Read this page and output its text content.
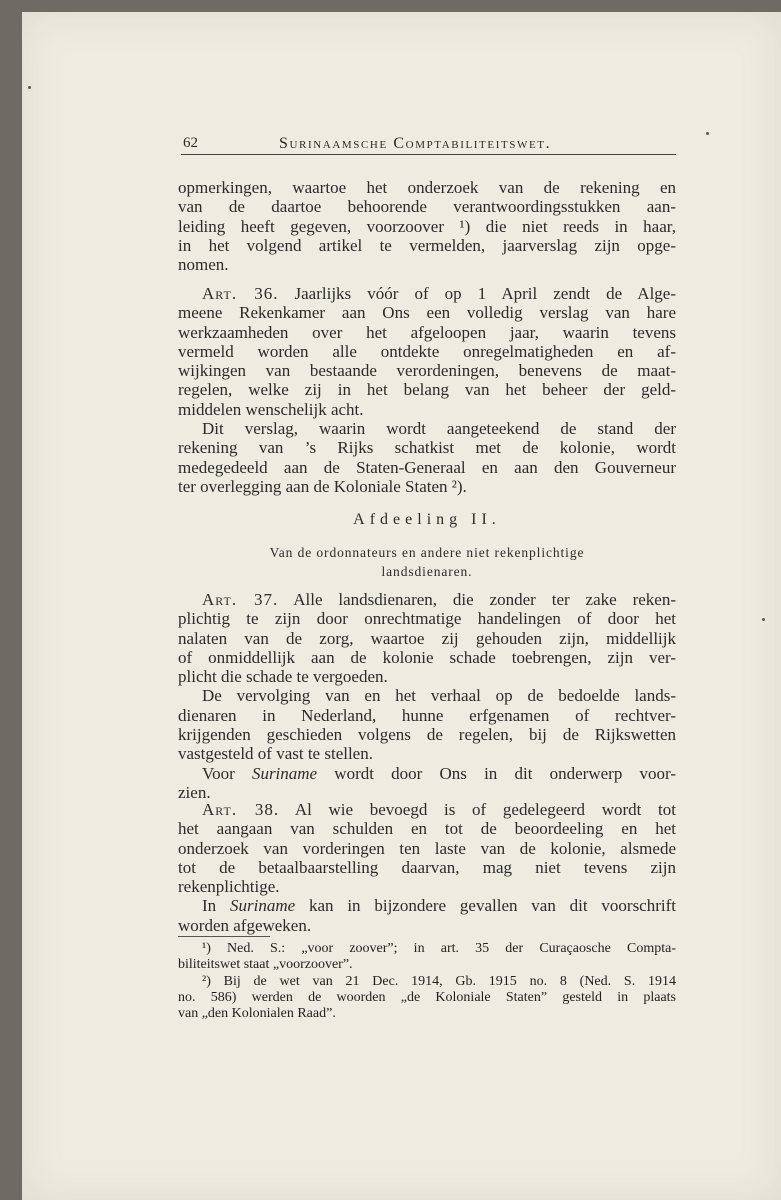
62	Surinaamsche Comptabiliteitswet.
opmerkingen, waartoe het onderzoek van de rekening en
van de daartoe behoorende verantwoordingsstukken aan-
leiding heeft gegeven, voorzoover ¹) die niet reeds in haar,
in het volgend artikel te vermelden, jaarverslag zijn opge-
nomen.
Art. 36. Jaarlijks vóór of op 1 April zendt de Alge-
meene Rekenkamer aan Ons een volledig verslag van hare
werkzaamheden over het afgeloopen jaar, waarin tevens
vermeld worden alle ontdekte onregelmatigheden en af-
wijkingen van bestaande verordeningen, benevens de maat-
regelen, welke zij in het belang van het beheer der geld-
middelen wenschelijk acht.
Dit verslag, waarin wordt aangeteekend de stand der
rekening van ’s Rijks schatkist met de kolonie, wordt
medegedeeld aan de Staten-Generaal en aan den Gouverneur
ter overlegging aan de Koloniale Staten ²).
Afdeeling II.
Van de ordonnateurs en andere niet rekenplichtige
landsdienaren.
Art. 37. Alle landsdienaren, die zonder ter zake reken-
plichtig te zijn door onrechtmatige handelingen of door het
nalaten van de zorg, waartoe zij gehouden zijn, middellijk
of onmiddellijk aan de kolonie schade toebrengen, zijn ver-
plicht die schade te vergoeden.
De vervolging van en het verhaal op de bedoelde lands-
dienaren in Nederland, hunne erfgenamen of rechtver-
krijgenden geschieden volgens de regelen, bij de Rijkswetten
vastgesteld of vast te stellen.
Voor Suriname wordt door Ons in dit onderwerp voor-
zien.
Art. 38. Al wie bevoegd is of gedelegeerd wordt tot
het aangaan van schulden en tot de beoordeeling en het
onderzoek van vorderingen ten laste van de kolonie, alsmede
tot de betaalbaarstelling daarvan, mag niet tevens zijn
rekenplichtige.
In Suriname kan in bijzondere gevallen van dit voorschrift
worden afgeweken.
¹) Ned. S.: „voor zoover”; in art. 35 der Curaçaosche Compta-
biliteitswet staat „voorzoover”.
²) Bij de wet van 21 Dec. 1914, Gb. 1915 no. 8 (Ned. S. 1914
no. 586) werden de woorden „de Koloniale Staten” gesteld in plaats
van „den Kolonialen Raad”.
